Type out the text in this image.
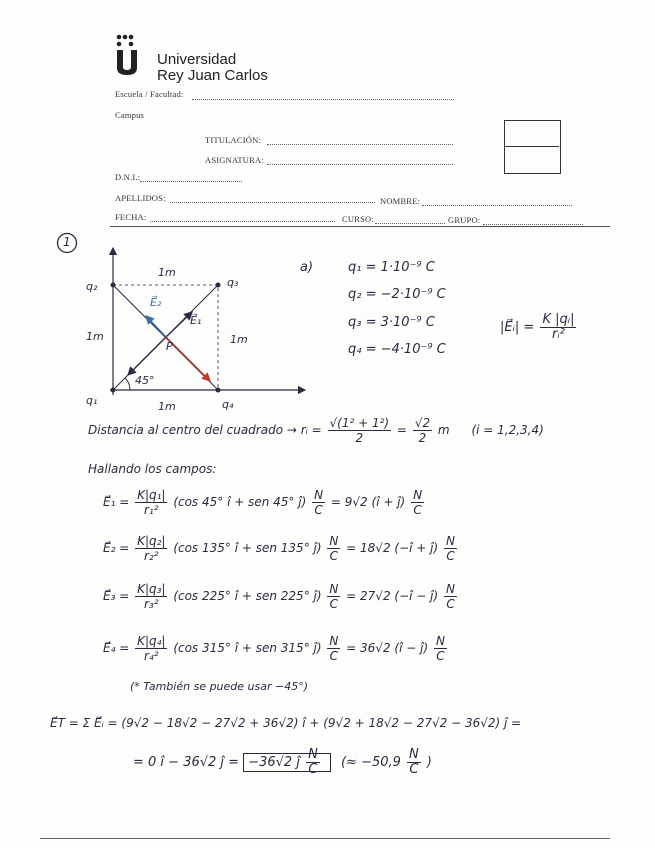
Universidad
Rey Juan Carlos
Escuela / Facultad:
Campus
TITULACIÓN:
ASIGNATURA:
D.N.I.:
APELLIDOS:	NOMBRE:
FECHA:	CURSO:	GRUPO:
1
q₂	q₃
q₁	q₄
1m
1m
1m	1m
45°
P
E⃗₁
E⃗₂
a)	q₁ = 1·10⁻⁹ C
q₂ = −2·10⁻⁹ C
q₃ = 3·10⁻⁹ C
q₄ = −4·10⁻⁹ C
|E⃗ᵢ| = $\frac{\text{K |qᵢ|}}{\text{rᵢ²}}$
Distancia al centro del cuadrado → rᵢ = $\frac{\text{√(1² + 1²)}}{2} = \frac{√2}{2}$ m (i = 1,2,3,4)
Hallando los campos:
E⃗₁ = $\frac{\text{K|q₁|}}{\text{r₁²}} (\cos$ 45° î + sen 45° ĵ) $\frac{N}{C} = 9√2$ (î + ĵ) $\frac{N}{C}$
E⃗₂ = $\frac{\text{K|q₂|}}{\text{r₂²}} (\cos$ 135° î + sen 135° ĵ) $\frac{N}{C} = 18√2$ (−î + ĵ) $\frac{N}{C}$
E⃗₃ = $\frac{\text{K|q₃|}}{\text{r₃²}} (\cos$ 225° î + sen 225° ĵ) $\frac{N}{C} = 27√2$ (−î − ĵ) $\frac{N}{C}$
E⃗₄ = $\frac{\text{K|q₄|}}{\text{r₄²}} (\cos$ 315° î + sen 315° ĵ) $\frac{N}{C} = 36√2$ (î − ĵ) $\frac{N}{C}$
(* También se puede usar −45°)
E⃗T = Σ E⃗ᵢ = (9√2 − 18√2 − 27√2 + 36√2) î + (9√2 + 18√2 − 27√2 − 36√2) ĵ =
= 0 î − 36√2 ĵ = −36√2 ĵ $\frac{N}{C}$ (≈ $-50,9 \frac{N}{C}$ )
